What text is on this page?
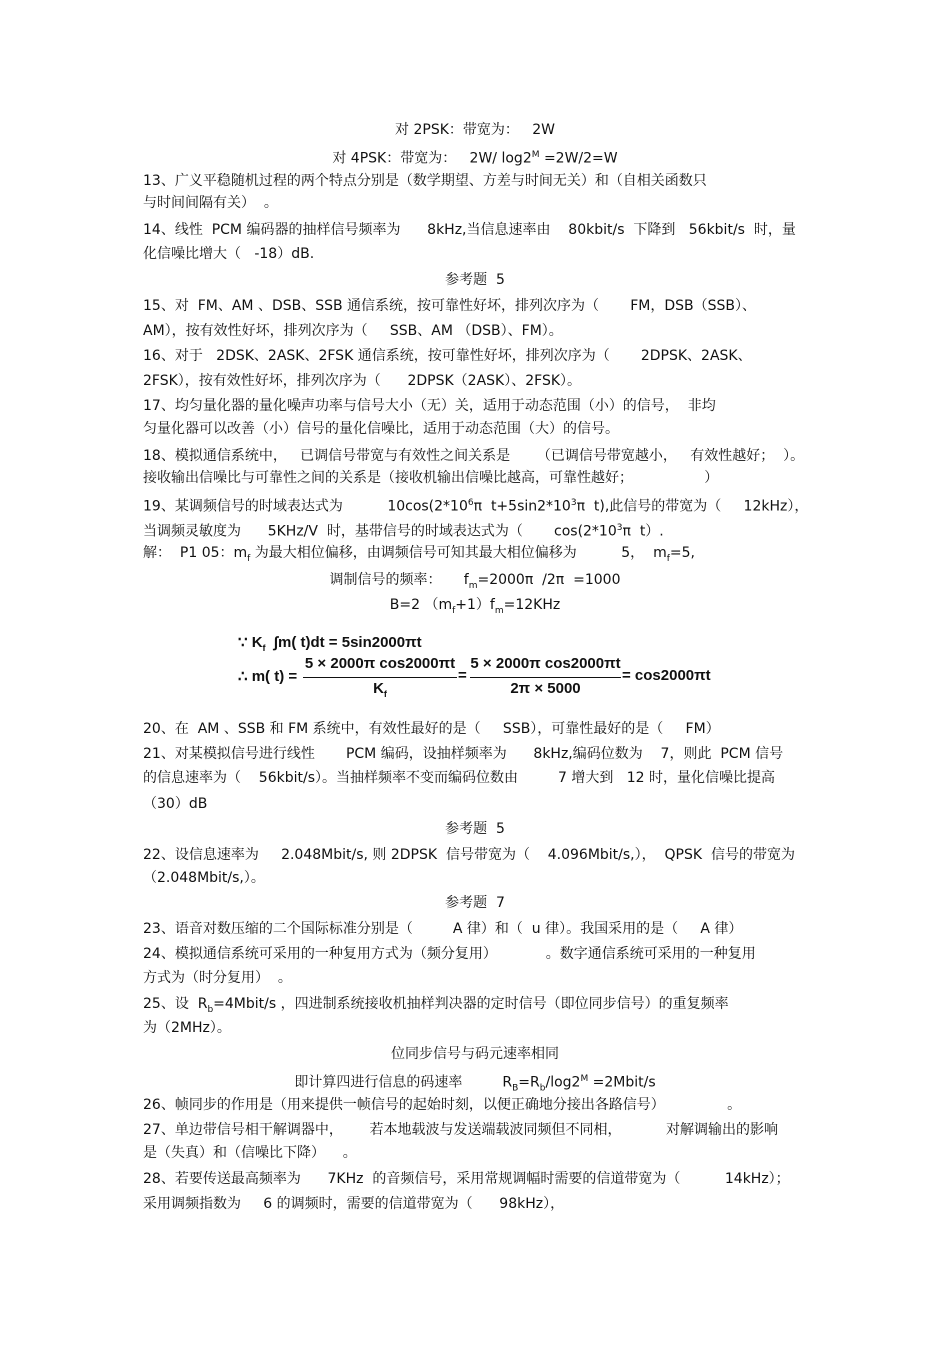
对 2PSK：带宽为：   2W
对 4PSK：带宽为：   2W/ $\log 2^M =2W/2=W$
13、广义平稳随机过程的两个特点分别是（数学期望、方差与时间无关）和（自相关函数只
与时间间隔有关）  。
14、线性  PCM 编码器的抽样信号频率为      8kHz,当信息速率由    80kbit/s  下降到   56kbit/s  时，量
化信噪比增大（   -18）dB.
参考题  5
15、对  FM、AM 、DSB、SSB 通信系统，按可靠性好坏，排列次序为（       FM，DSB（SSB）、
AM），按有效性好坏，排列次序为（     SSB、AM （DSB）、FM）。
16、对于   2DSK、2ASK、2FSK 通信系统，按可靠性好坏，排列次序为（       2DPSK、2ASK、
2FSK），按有效性好坏，排列次序为（      2DPSK（2ASK）、2FSK）。
17、均匀量化器的量化噪声功率与信号大小（无）关，适用于动态范围（小）的信号，  非均
匀量化器可以改善（小）信号的量化信噪比，适用于动态范围（大）的信号。
18、模拟通信系统中，   已调信号带宽与有效性之间关系是      （已调信号带宽越小，   有效性越好；  ）。
接收输出信噪比与可靠性之间的关系是（接收机输出信噪比越高，可靠性越好；                ）
19、某调频信号的时域表达式为          $10\cos(2*10^6\pi$  $t+5\sin 2*10^3\pi$  t),此信号的带宽为（     12kHz），
当调频灵敏度为      5KHz/V  时，基带信号的时域表达式为（       $\cos(2*10^3\pi$  t）.
解：  P1 05：$m_f$ 为最大相位偏移，由调频信号可知其最大相位偏移为          5，  $m_f=5$,
调制信号的频率：     $f_m=2000\pi$  /2π  =1000
B=2 $(m_f+1)f_m=12KHz$
∵ $K_f$  ∫m( t)dt = 5sin2000πt
∴ m( t) =
5 × 2000π cos2000πt
$K_f$
=
5 × 2000π cos2000πt
2π × 5000
= cos2000πt
20、在  AM 、SSB 和 FM 系统中，有效性最好的是（     SSB），可靠性最好的是（     FM）
21、对某模拟信号进行线性       PCM 编码，设抽样频率为      8kHz,编码位数为    7，则此  PCM 信号
的信息速率为（    56kbit/s）。当抽样频率不变而编码位数由         7 增大到   12 时，量化信噪比提高
（30）dB
参考题  5
22、设信息速率为     2.048Mbit/s, 则 2DPSK  信号带宽为（    4.096Mbit/s,），  QPSK  信号的带宽为
（2.048Mbit/s,）。
参考题  7
23、语音对数压缩的二个国际标准分别是（         A 律）和（  u 律）。我国采用的是（     A 律）
24、模拟通信系统可采用的一种复用方式为（频分复用）           。数字通信系统可采用的一种复用
方式为（时分复用）  。
25、设  $R_b=4Mbit/s$ ，四进制系统接收机抽样判决器的定时信号（即位同步信号）的重复频率
为（2MHz）。
位同步信号与码元速率相同
即计算四进行信息的码速率         $R_B=R_b/\log 2^M$ =2Mbit/s
26、帧同步的作用是（用来提供一帧信号的起始时刻，以便正确地分接出各路信号）              。
27、单边带信号相干解调器中，      若本地载波与发送端载波同频但不同相，          对解调输出的影响
是（失真）和（信噪比下降）    。
28、若要传送最高频率为      7KHz  的音频信号，采用常规调幅时需要的信道带宽为（          14kHz）；
采用调频指数为     6 的调频时，需要的信道带宽为（      98kHz），
